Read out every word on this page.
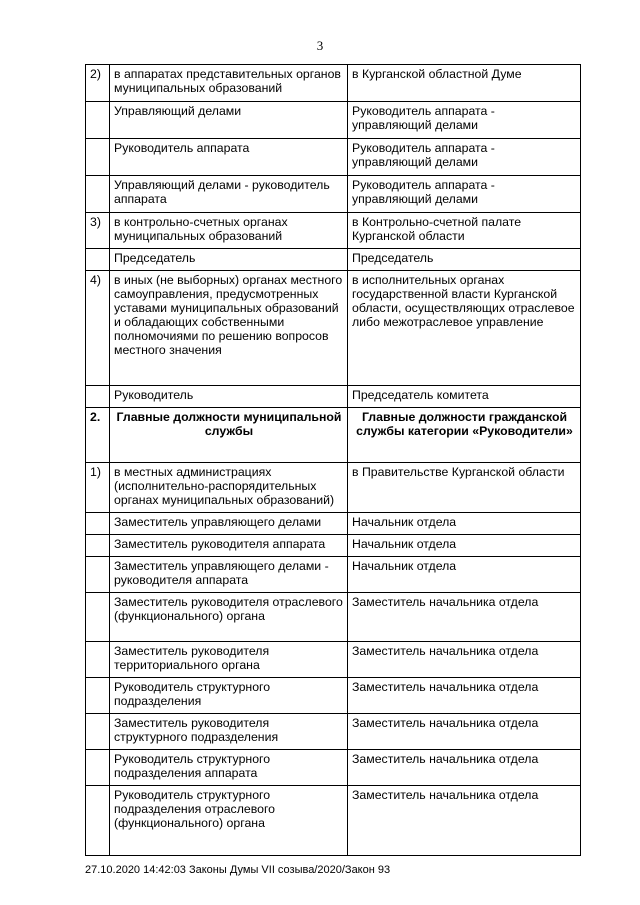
3
2)	в аппаратах представительных органов муниципальных образований	в Курганской областной Думе
	Управляющий делами	Руководитель аппарата - управляющий делами
	Руководитель аппарата	Руководитель аппарата - управляющий делами
	Управляющий делами - руководитель аппарата	Руководитель аппарата - управляющий делами
3)	в контрольно-счетных органах муниципальных образований	в Контрольно-счетной палате Курганской области
	Председатель	Председатель
4)	в иных (не выборных) органах местного самоуправления, предусмотренных уставами муниципальных образований и обладающих собственными полномочиями по решению вопросов местного значения	в исполнительных органах государственной власти Курганской области, осуществляющих отраслевое либо межотраслевое управление
	Руководитель	Председатель комитета
2.	Главные должности муниципальной службы	Главные должности гражданской службы категории «Руководители»
1)	в местных администрациях (исполнительно-распорядительных органах муниципальных образований)	в Правительстве Курганской области
	Заместитель управляющего делами	Начальник отдела
	Заместитель руководителя аппарата	Начальник отдела
	Заместитель управляющего делами - руководителя аппарата	Начальник отдела
	Заместитель руководителя отраслевого (функционального) органа	Заместитель начальника отдела
	Заместитель руководителя территориального органа	Заместитель начальника отдела
	Руководитель структурного подразделения	Заместитель начальника отдела
	Заместитель руководителя структурного подразделения	Заместитель начальника отдела
	Руководитель структурного подразделения аппарата	Заместитель начальника отдела
	Руководитель структурного подразделения отраслевого (функционального) органа	Заместитель начальника отдела
27.10.2020 14:42:03 Законы Думы VII созыва/2020/Закон 93
